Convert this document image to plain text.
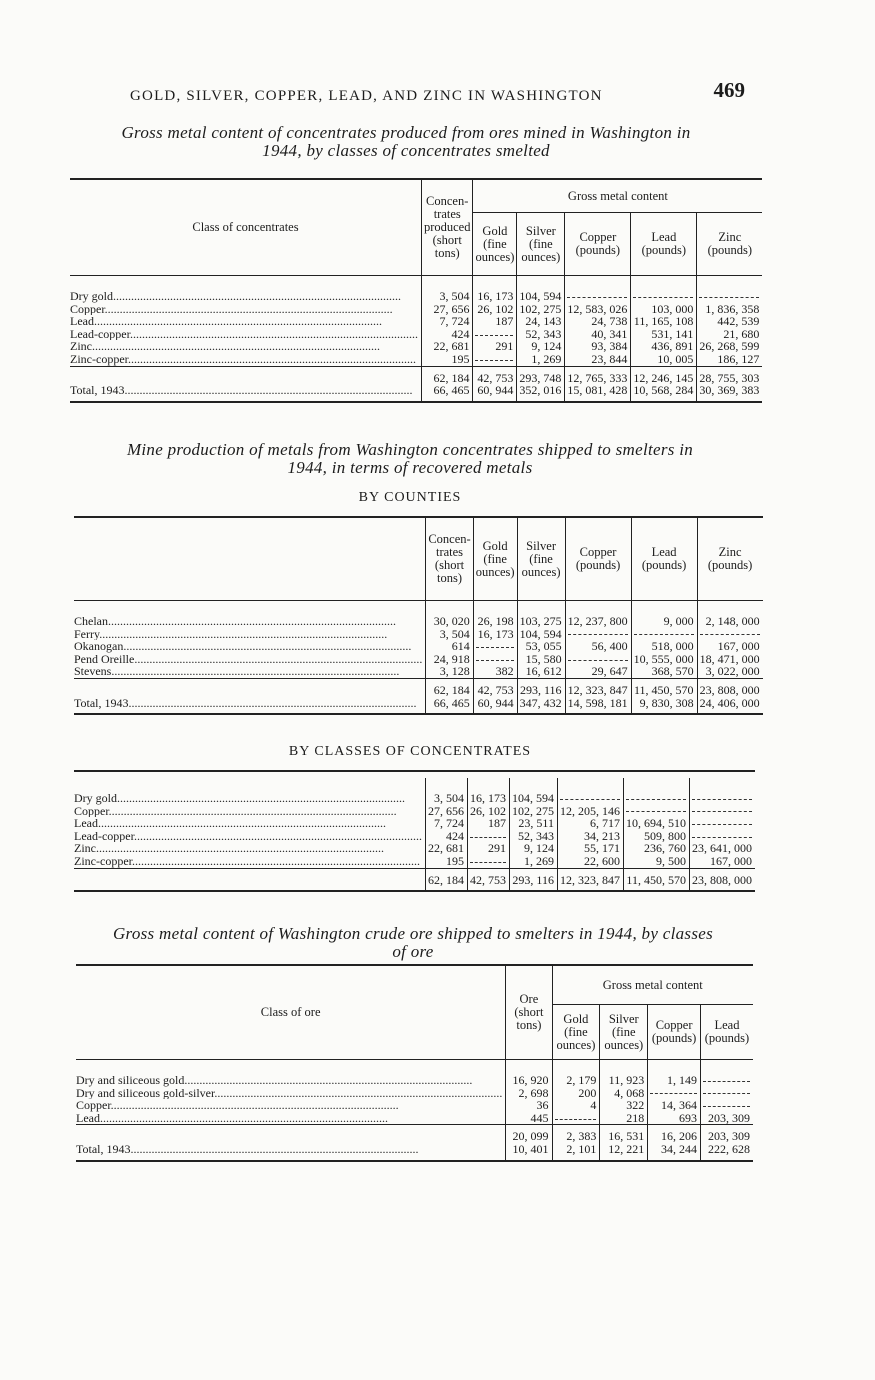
GOLD, SILVER, COPPER, LEAD, AND ZINC IN WASHINGTON	469
Gross metal content of concentrates produced from ores mined in Washington in
1944, by classes of concentrates smelted
Class of concentrates	Concen-trates produced (short tons)	Gross metal content				
		Gold (fine ounces)	Silver (fine ounces)	Copper (pounds)	Lead (pounds)	Zinc (pounds)
Dry gold .....	3, 504	16, 173	104, 594			
Copper .....	27, 656	26, 102	102, 275	12, 583, 026	103, 000	1, 836, 358
Lead .....	7, 724	187	24, 143	24, 738	11, 165, 108	442, 539
Lead-copper .....	424		52, 343	40, 341	531, 141	21, 680
Zinc .....	22, 681	291	9, 124	93, 384	436, 891	26, 268, 599
Zinc-copper .....	195		1, 269	23, 844	10, 005	186, 127
	62, 184	42, 753	293, 748	12, 765, 333	12, 246, 145	28, 755, 303
Total, 1943 .....	66, 465	60, 944	352, 016	15, 081, 428	10, 568, 284	30, 369, 383
Mine production of metals from Washington concentrates shipped to smelters in
1944, in terms of recovered metals
BY COUNTIES
	Concen-trates (short tons)	Gold (fine ounces)	Silver (fine ounces)	Copper (pounds)	Lead (pounds)	Zinc (pounds)
Chelan .....	30, 020	26, 198	103, 275	12, 237, 800	9, 000	2, 148, 000
Ferry .....	3, 504	16, 173	104, 594			
Okanogan .....	614		53, 055	56, 400	518, 000	167, 000
Pend Oreille .....	24, 918		15, 580		10, 555, 000	18, 471, 000
Stevens .....	3, 128	382	16, 612	29, 647	368, 570	3, 022, 000
	62, 184	42, 753	293, 116	12, 323, 847	11, 450, 570	23, 808, 000
Total, 1943 .....	66, 465	60, 944	347, 432	14, 598, 181	9, 830, 308	24, 406, 000
BY CLASSES OF CONCENTRATES

Dry gold .....	3, 504	16, 173	104, 594			
Copper .....	27, 656	26, 102	102, 275	12, 205, 146		
Lead .....	7, 724	187	23, 511	6, 717	10, 694, 510	
Lead-copper .....	424		52, 343	34, 213	509, 800	
Zinc .....	22, 681	291	9, 124	55, 171	236, 760	23, 641, 000
Zinc-copper .....	195		1, 269	22, 600	9, 500	167, 000
	62, 184	42, 753	293, 116	12, 323, 847	11, 450, 570	23, 808, 000
Gross metal content of Washington crude ore shipped to smelters in 1944, by classes
of ore
Class of ore	Ore (short tons)	Gross metal content			
		Gold (fine ounces)	Silver (fine ounces)	Copper (pounds)	Lead (pounds)
Dry and siliceous gold .....	16, 920	2, 179	11, 923	1, 149	
Dry and siliceous gold-silver .....	2, 698	200	4, 068		
Copper .....	36	4	322	14, 364	
Lead .....	445		218	693	203, 309
	20, 099	2, 383	16, 531	16, 206	203, 309
Total, 1943 .....	10, 401	2, 101	12, 221	34, 244	222, 628
